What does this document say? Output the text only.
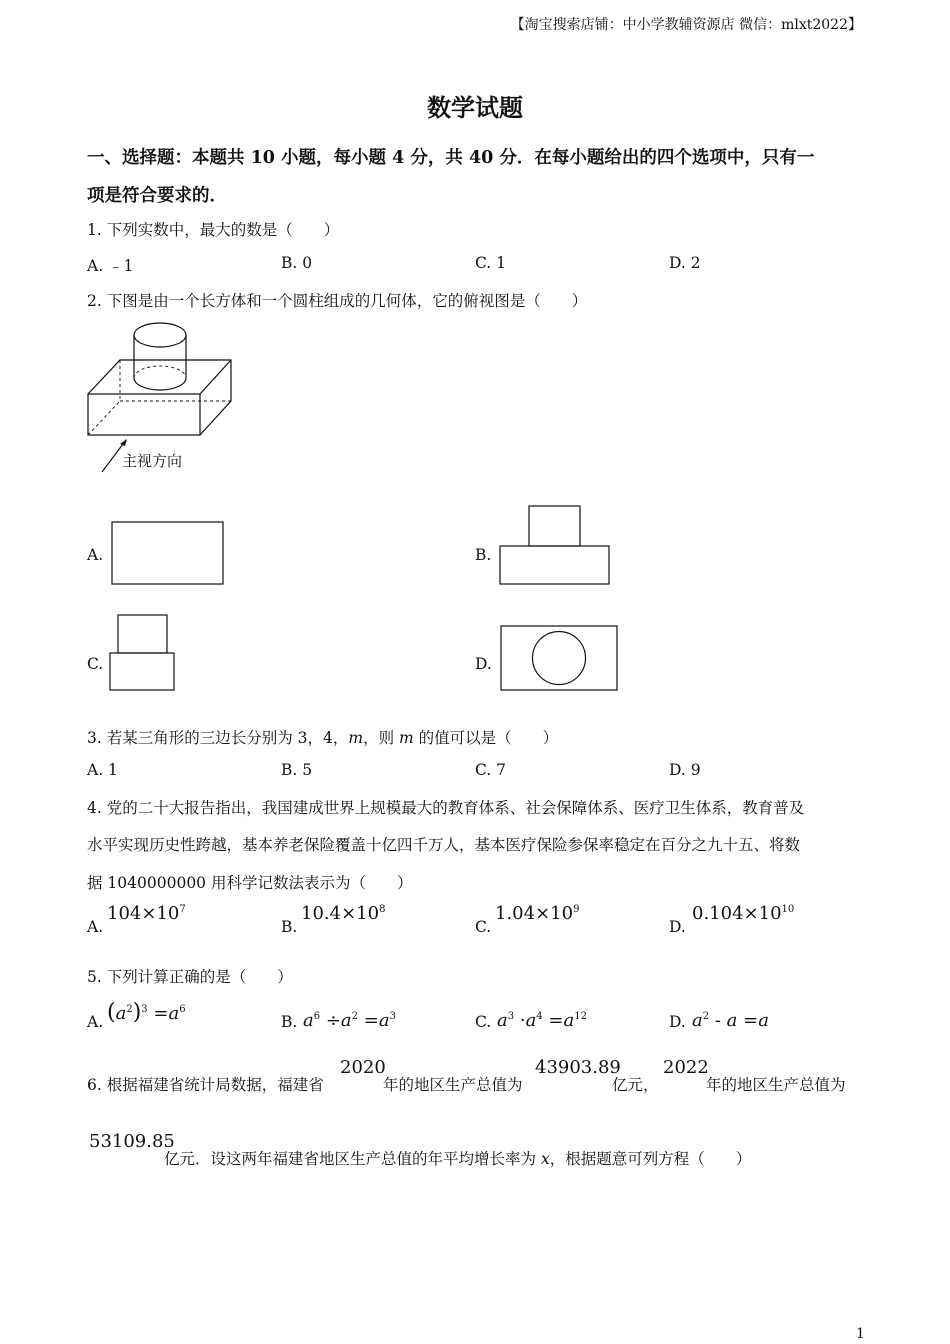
【淘宝搜索店铺：中小学教辅资源店 微信：mlxt2022】
数学试题
一、选择题：本题共 10 小题，每小题 4 分，共 40 分．在每小题给出的四个选项中，只有一
项是符合要求的．
1. 下列实数中，最大的数是（　　）
A. ﹣1	B. 0	C. 1	D. 2
2. 下图是由一个长方体和一个圆柱组成的几何体，它的俯视图是（　　）
主视方向
A.	B.
C.	D.
3. 若某三角形的三边长分别为 3，4，m，则 m 的值可以是（　　）
A. 1	B. 5	C. 7	D. 9
4. 党的二十大报告指出，我国建成世界上规模最大的教育体系、社会保障体系、医疗卫生体系，教育普及
水平实现历史性跨越，基本养老保险覆盖十亿四千万人，基本医疗保险参保率稳定在百分之九十五、将数
据 1040000000 用科学记数法表示为（　　）
A.
$104\times 10^7$
B.
$10.4\times 10^8$
C.
$1.04\times 10^9$
D.
$0.104\times 10^{10}$
5. 下列计算正确的是（　　）
A. $(a^2)^3 =a^6$
B. $a^6 \div a^2 =a^3$	C. $a^3 \cdot a^4 =a^{12}$	D. $a^2 - a =a$
6. 根据福建省统计局数据，福建省
2020
年的地区生产总值为
43903.89
亿元，
2022
年的地区生产总值为
53109.85
亿元．设这两年福建省地区生产总值的年平均增长率为 x，根据题意可列方程（　　）
1
